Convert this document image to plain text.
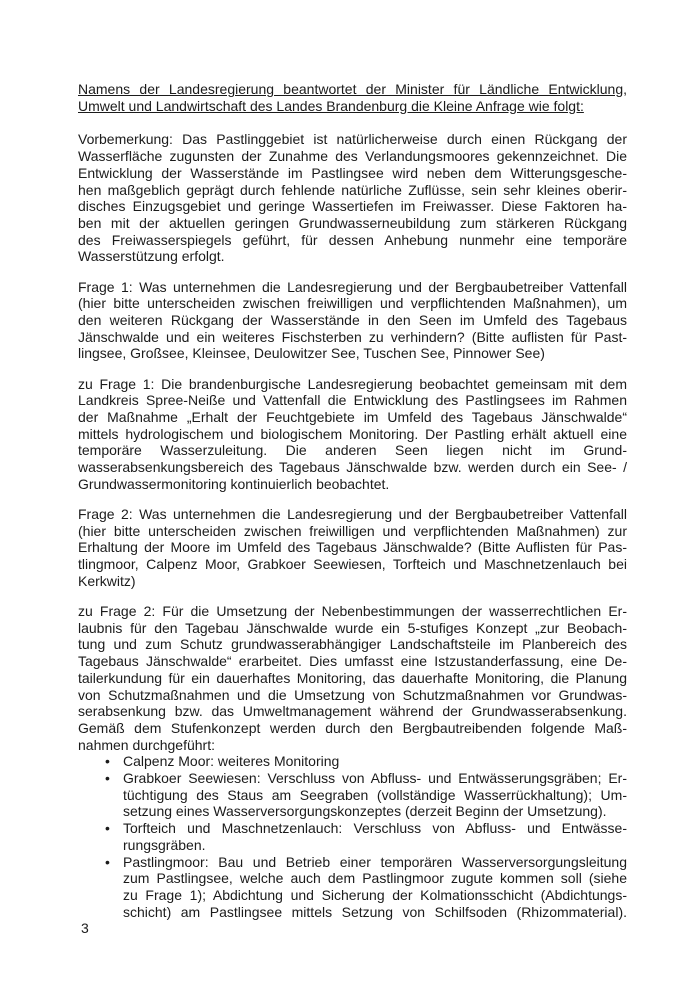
Namens der Landesregierung beantwortet der Minister für Ländliche Entwicklung,
Umwelt und Landwirtschaft des Landes Brandenburg die Kleine Anfrage wie folgt:
Vorbemerkung: Das Pastlinggebiet ist natürlicherweise durch einen Rückgang der
Wasserfläche zugunsten der Zunahme des Verlandungsmoores gekennzeichnet. Die
Entwicklung der Wasserstände im Pastlingsee wird neben dem Witterungsgesche-
hen maßgeblich geprägt durch fehlende natürliche Zuflüsse, sein sehr kleines oberir-
disches Einzugsgebiet und geringe Wassertiefen im Freiwasser. Diese Faktoren ha-
ben mit der aktuellen geringen Grundwasserneubildung zum stärkeren Rückgang
des Freiwasserspiegels geführt, für dessen Anhebung nunmehr eine temporäre
Wasserstützung erfolgt.
Frage 1: Was unternehmen die Landesregierung und der Bergbaubetreiber Vattenfall
(hier bitte unterscheiden zwischen freiwilligen und verpflichtenden Maßnahmen), um
den weiteren Rückgang der Wasserstände in den Seen im Umfeld des Tagebaus
Jänschwalde und ein weiteres Fischsterben zu verhindern? (Bitte auflisten für Past-
lingsee, Großsee, Kleinsee, Deulowitzer See, Tuschen See, Pinnower See)
zu Frage 1: Die brandenburgische Landesregierung beobachtet gemeinsam mit dem
Landkreis Spree-Neiße und Vattenfall die Entwicklung des Pastlingsees im Rahmen
der Maßnahme „Erhalt der Feuchtgebiete im Umfeld des Tagebaus Jänschwalde“
mittels hydrologischem und biologischem Monitoring. Der Pastling erhält aktuell eine
temporäre Wasserzuleitung. Die anderen Seen liegen nicht im Grund-
wasserabsenkungsbereich des Tagebaus Jänschwalde bzw. werden durch ein See- /
Grundwassermonitoring kontinuierlich beobachtet.
Frage 2: Was unternehmen die Landesregierung und der Bergbaubetreiber Vattenfall
(hier bitte unterscheiden zwischen freiwilligen und verpflichtenden Maßnahmen) zur
Erhaltung der Moore im Umfeld des Tagebaus Jänschwalde? (Bitte Auflisten für Pas-
tlingmoor, Calpenz Moor, Grabkoer Seewiesen, Torfteich und Maschnetzenlauch bei
Kerkwitz)
zu Frage 2: Für die Umsetzung der Nebenbestimmungen der wasserrechtlichen Er-
laubnis für den Tagebau Jänschwalde wurde ein 5-stufiges Konzept „zur Beobach-
tung und zum Schutz grundwasserabhängiger Landschaftsteile im Planbereich des
Tagebaus Jänschwalde“ erarbeitet. Dies umfasst eine Istzustanderfassung, eine De-
tailerkundung für ein dauerhaftes Monitoring, das dauerhafte Monitoring, die Planung
von Schutzmaßnahmen und die Umsetzung von Schutzmaßnahmen vor Grundwas-
serabsenkung bzw. das Umweltmanagement während der Grundwasserabsenkung.
Gemäß dem Stufenkonzept werden durch den Bergbautreibenden folgende Maß-
nahmen durchgeführt:
• Calpenz Moor: weiteres Monitoring
• Grabkoer Seewiesen: Verschluss von Abfluss- und Entwässerungsgräben; Er-
tüchtigung des Staus am Seegraben (vollständige Wasserrückhaltung); Um-
setzung eines Wasserversorgungskonzeptes (derzeit Beginn der Umsetzung).
• Torfteich und Maschnetzenlauch: Verschluss von Abfluss- und Entwässe-
rungsgräben.
• Pastlingmoor: Bau und Betrieb einer temporären Wasserversorgungsleitung
zum Pastlingsee, welche auch dem Pastlingmoor zugute kommen soll (siehe
zu Frage 1); Abdichtung und Sicherung der Kolmationsschicht (Abdichtungs-
schicht) am Pastlingsee mittels Setzung von Schilfsoden (Rhizommaterial).
3
